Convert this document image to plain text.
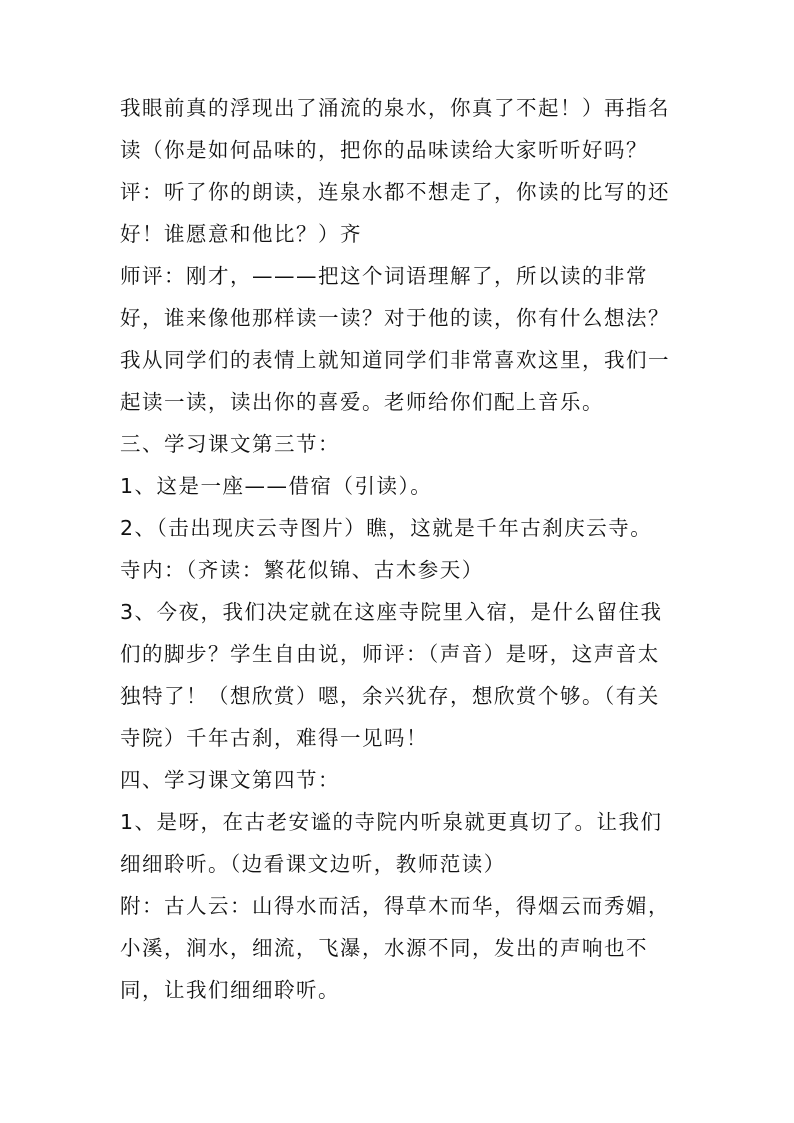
我眼前真的浮现出了涌流的泉水，你真了不起！）再指名

读（你是如何品味的，把你的品味读给大家听听好吗？

评：听了你的朗读，连泉水都不想走了，你读的比写的还

好！谁愿意和他比？）齐

师评：刚才，———把这个词语理解了，所以读的非常

好，谁来像他那样读一读？对于他的读，你有什么想法？

我从同学们的表情上就知道同学们非常喜欢这里，我们一

起读一读，读出你的喜爱。老师给你们配上音乐。

三、学习课文第三节：

1、这是一座——借宿（引读）。

2、（击出现庆云寺图片）瞧，这就是千年古刹庆云寺。

寺内：（齐读：繁花似锦、古木参天）

3、今夜，我们决定就在这座寺院里入宿，是什么留住我

们的脚步？学生自由说，师评：（声音）是呀，这声音太

独特了！（想欣赏）嗯，余兴犹存，想欣赏个够。（有关

寺院）千年古刹，难得一见吗！

四、学习课文第四节：

1、是呀，在古老安谧的寺院内听泉就更真切了。让我们

细细聆听。（边看课文边听，教师范读）

附：古人云：山得水而活，得草木而华，得烟云而秀媚，

小溪，涧水，细流，飞瀑，水源不同，发出的声响也不

同，让我们细细聆听。
